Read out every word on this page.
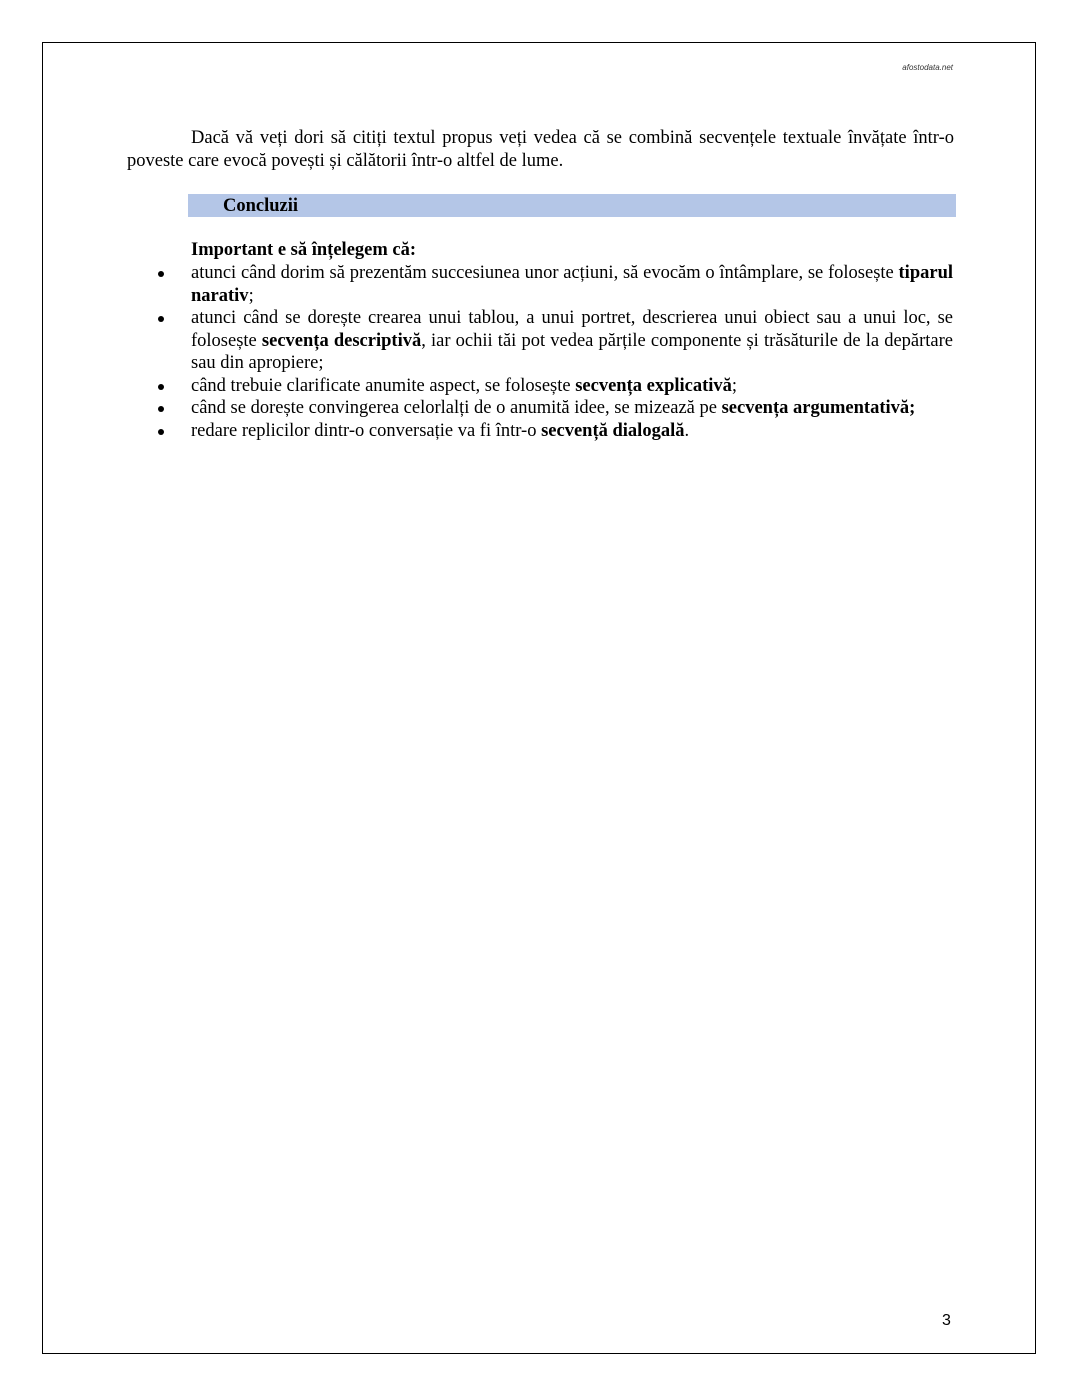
afostodata.net

Dacă vă veți dori să citiți textul propus veți vedea că se combină secvențele textuale învățate într-o poveste care evocă povești și călătorii într-o altfel de lume.

Concluzii
Important e să înțelegem că:
atunci când dorim să prezentăm succesiunea unor acțiuni, să evocăm o întâmplare, se folosește tiparul narativ;
atunci când se dorește crearea unui tablou, a unui portret, descrierea unui obiect sau a unui loc, se folosește secvența descriptivă, iar ochii tăi pot vedea părțile componente și trăsăturile de la depărtare sau din apropiere;
când trebuie clarificate anumite aspect, se folosește secvența explicativă;
când se dorește convingerea celorlalți de o anumită idee, se mizează pe secvența argumentativă;
redare replicilor dintr-o conversație va fi într-o secvență dialogală.
3
